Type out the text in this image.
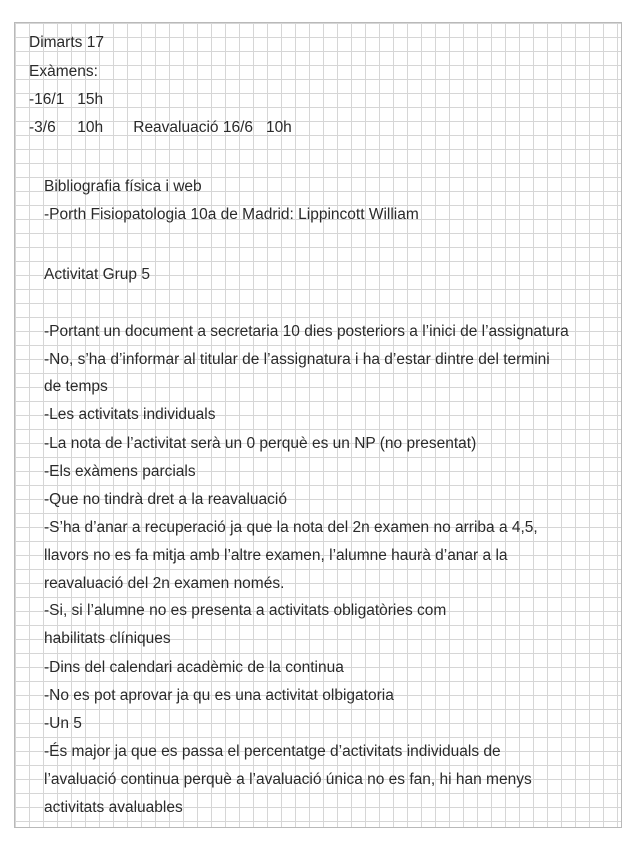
Dimarts 17
Exàmens:
-16/1   15h
-3/6     10h       Reavaluació 16/6   10h
Bibliografia física i web
-Porth Fisiopatologia 10a de Madrid: Lippincott William
Activitat Grup 5
-Portant un document a secretaria 10 dies posteriors a l’inici de l’assignatura
-No, s’ha d’informar al titular de l’assignatura i ha d’estar dintre del termini
de temps
-Les activitats individuals
-La nota de l’activitat serà un 0 perquè es un NP (no presentat)
-Els exàmens parcials
-Que no tindrà dret a la reavaluació
-S’ha d’anar a recuperació ja que la nota del 2n examen no arriba a 4,5,
llavors no es fa mitja amb l’altre examen, l’alumne haurà d’anar a la
reavaluació del 2n examen només.
-Si, si l’alumne no es presenta a activitats obligatòries com
habilitats clíniques
-Dins del calendari acadèmic de la continua
-No es pot aprovar ja qu es una activitat olbigatoria
-Un 5
-És major ja que es passa el percentatge d’activitats individuals de
l’avaluació continua perquè a l’avaluació única no es fan, hi han menys
activitats avaluables
